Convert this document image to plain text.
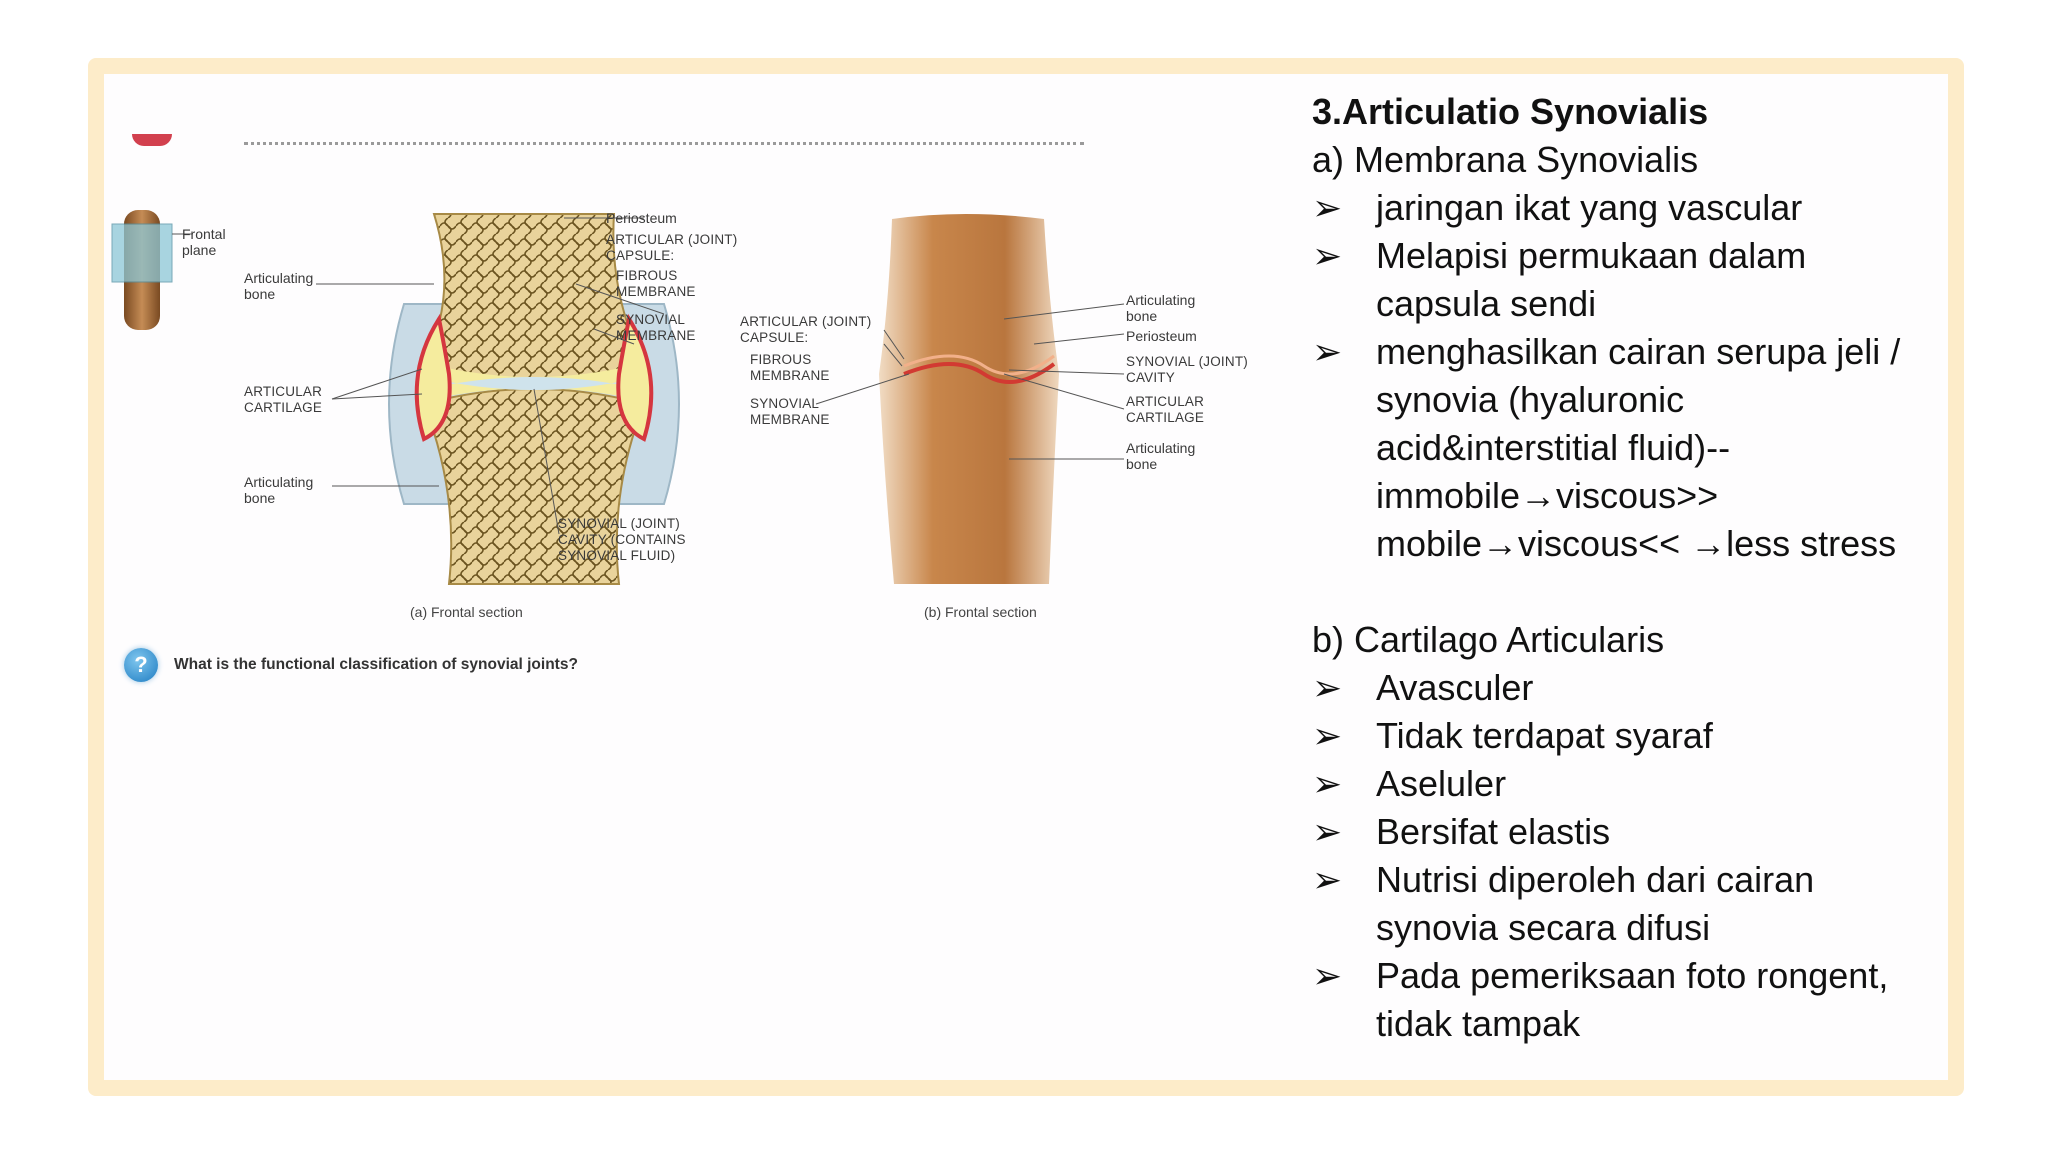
Frontal
plane
Articulating
bone
ARTICULAR
CARTILAGE
Articulating
bone
Periosteum
ARTICULAR (JOINT)
CAPSULE:
FIBROUS
MEMBRANE
SYNOVIAL
MEMBRANE
SYNOVIAL (JOINT)
CAVITY (CONTAINS
SYNOVIAL FLUID)
ARTICULAR (JOINT)
CAPSULE:
FIBROUS
MEMBRANE
SYNOVIAL
MEMBRANE
Articulating
bone
Periosteum
SYNOVIAL (JOINT)
CAVITY
ARTICULAR
CARTILAGE
Articulating
bone
(a) Frontal section	(b) Frontal section
?	What is the functional classification of synovial joints?
3.Articulatio Synovialis
a) Membrana Synovialis
➢ jaringan ikat yang vascular
➢ Melapisi permukaan dalam
capsula sendi
➢ menghasilkan cairan serupa jeli /
synovia (hyaluronic
acid&interstitial fluid)--
immobile→viscous>>
mobile→viscous<< →less stress
b) Cartilago Articularis
➢ Avasculer
➢ Tidak terdapat syaraf
➢ Aseluler
➢ Bersifat elastis
➢ Nutrisi diperoleh dari cairan
synovia secara difusi
➢ Pada pemeriksaan foto rongent,
tidak tampak
